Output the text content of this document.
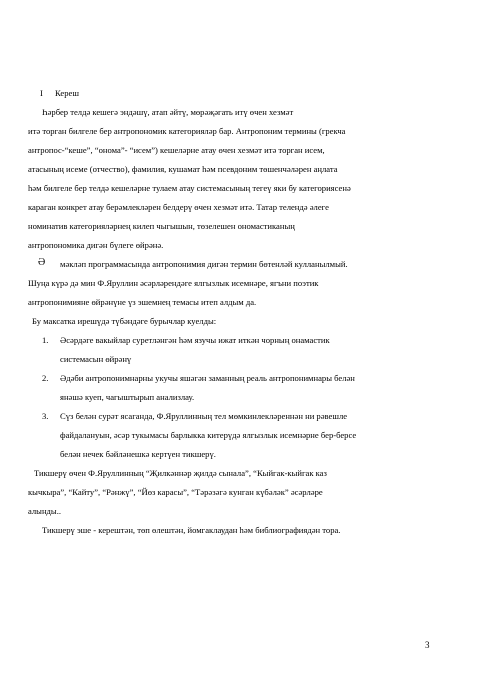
I Кереш
Һәрбер телдә кешегә эндәшү, атап әйтү, мөрәҗәгать итү өчен хезмәт
итә торган билгеле бер антропономик категорияләр бар. Антропоним термины (грекча
антропос-“кеше”, “онома”- “исем”) кешеләрне атау өчен хезмәт итә торган исем,
атасының исеме (отчество), фамилия, кушамат һәм псевдоним төшенчәләрен аңлата
һәм билгеле бер телдә кешеләрне тулаем атау системасының тегеү яки бу категориясенә
караган конкрет атау берәмлекләрен белдерү өчен хезмәт итә. Татар телендә әлеге
номинатив категорияләрнең килеп чыгышын, төзелешен ономастиканың
антропономика дигән бүлеге өйрәнә.
Ә мәкләп программасында антропонимия дигән термин бөтенләй кулланылмый.
Шуңа күрә дә мин Ф.Яруллин әсәрләрендәге ялгызлык исемнәре, ягъни поэтик
антропонимияне өйрәнүне үз эшемнең темасы итеп алдым да.
Бу максатка ирешүдә түбәндәге бурычлар куелды:
1. Әсәрдәге вакыйлар суретләнгән һәм язучы ижат иткән чорның онамастик
системасын өйрәнү
2. Әдәби антропонимнарны укучы яшәгән заманның реаль антропонимнары белән
янәшә куеп, чагыштырып анализлау.
3. Сүз белән сурәт ясаганда, Ф.Яруллинның тел мөмкинлекләреннән ни рәвешле
файдалануын, әсәр тукымасы барлыкка китерүдә ялгызлык исемнәрне бер-берсе
белән нечек бәйләнешкә кертүен тикшерү.
Тикшерү өчен Ф.Яруллинның “Җилкәннәр җилдә сынала”, “Кыйгак-кыйгак каз
кычкыра”, “Кайту”, “Рәнжү”, “Йөз карасы”, “Тәрәзәгә кунган күбәләк” әсәрләре
алынды..
Тикшерү эше - керештән, төп өлештән, йомгаклаудан һәм библиографиядән тора.
3
